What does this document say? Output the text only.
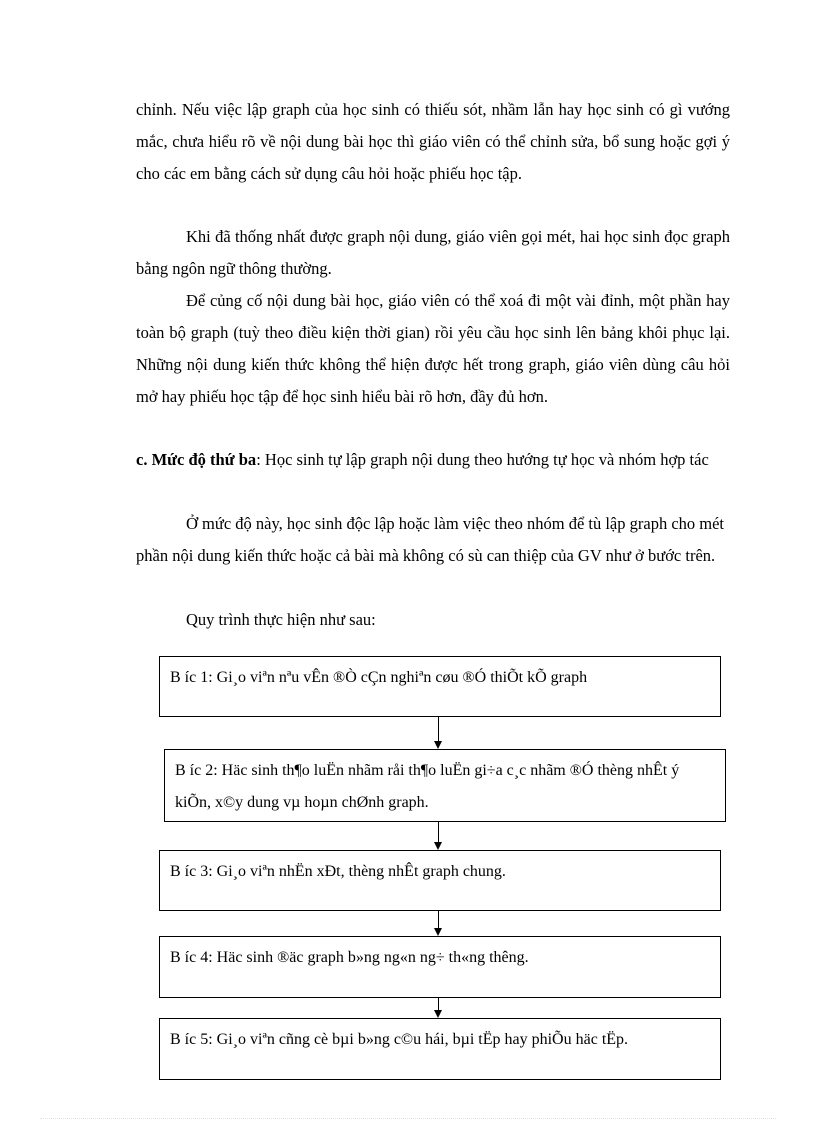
chỉnh. Nếu việc lập graph của học sinh có thiếu sót, nhầm lẫn hay học sinh có gì vướng mắc, chưa hiểu rõ về nội dung bài học thì giáo viên có thể chỉnh sửa, bổ sung hoặc gợi ý cho các em bằng cách sử dụng câu hỏi hoặc phiếu học tập.

Khi đã thống nhất được graph nội dung, giáo viên gọi mét, hai học sinh đọc graph bằng ngôn ngữ thông thường.

Để củng cố nội dung bài học, giáo viên có thể xoá đi một vài đỉnh, một phần hay toàn bộ graph (tuỳ theo điều kiện thời gian) rồi yêu cầu học sinh lên bảng khôi phục lại. Những nội dung kiến thức không thể hiện được hết trong graph, giáo viên dùng câu hỏi mở hay phiếu học tập để học sinh hiểu bài rõ hơn, đầy đủ hơn.

c. Mức độ thứ ba: Học sinh tự lập graph nội dung theo hướng tự học và nhóm hợp tác

Ở mức độ này, học sinh độc lập hoặc làm việc theo nhóm để tù lập graph cho mét phần nội dung kiến thức hoặc cả bài mà không có sù can thiệp của GV như ở bước trên.

Quy trình thực hiện như sau:

B íc 1: Gi¸o viªn nªu vÊn ®Ò cÇn nghiªn cøu ®Ó thiÕt kÕ graph
B íc 2: Häc sinh th¶o luËn nhãm råi th¶o luËn gi÷a c¸c nhãm ®Ó thèng nhÊt ý kiÕn, x©y dung vµ hoµn chØnh graph.
B íc 3: Gi¸o viªn nhËn xÐt, thèng nhÊt graph chung.
B íc 4: Häc sinh ®äc graph b»ng ng«n ng÷ th«ng thêng.
B íc 5: Gi¸o viªn cñng cè bµi b»ng c©u hái, bµi tËp hay phiÕu häc tËp.
